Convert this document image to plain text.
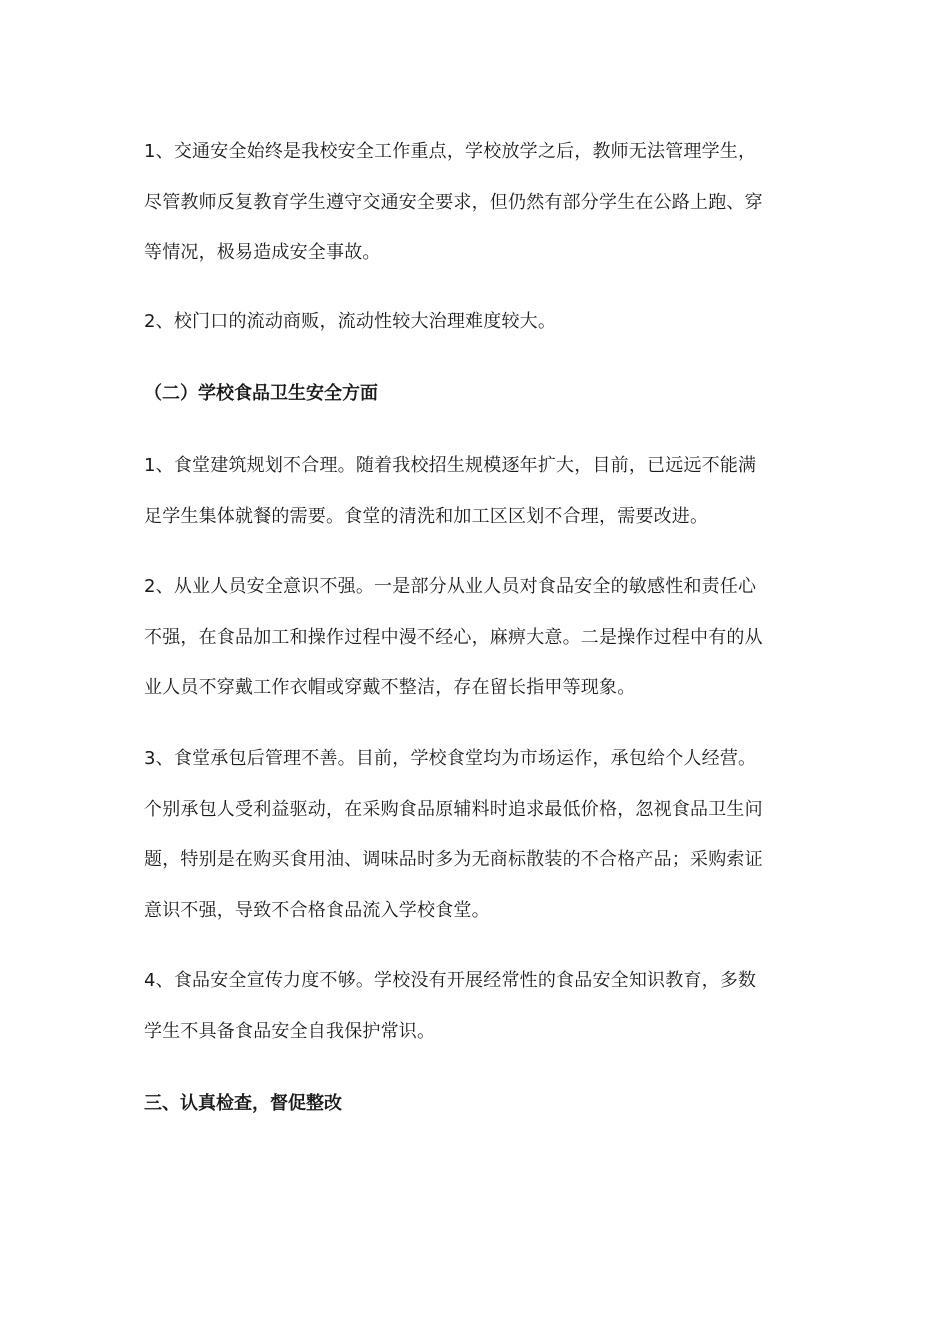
1、交通安全始终是我校安全工作重点，学校放学之后，教师无法管理学生，
尽管教师反复教育学生遵守交通安全要求，但仍然有部分学生在公路上跑、穿
等情况，极易造成安全事故。
2、校门口的流动商贩，流动性较大治理难度较大。
（二）学校食品卫生安全方面
1、食堂建筑规划不合理。随着我校招生规模逐年扩大，目前，已远远不能满
足学生集体就餐的需要。食堂的清洗和加工区区划不合理，需要改进。
2、从业人员安全意识不强。一是部分从业人员对食品安全的敏感性和责任心
不强，在食品加工和操作过程中漫不经心，麻痹大意。二是操作过程中有的从
业人员不穿戴工作衣帽或穿戴不整洁，存在留长指甲等现象。
3、食堂承包后管理不善。目前，学校食堂均为市场运作，承包给个人经营。
个别承包人受利益驱动，在采购食品原辅料时追求最低价格，忽视食品卫生问
题，特别是在购买食用油、调味品时多为无商标散装的不合格产品；采购索证
意识不强，导致不合格食品流入学校食堂。
4、食品安全宣传力度不够。学校没有开展经常性的食品安全知识教育，多数
学生不具备食品安全自我保护常识。
三、认真检查，督促整改
